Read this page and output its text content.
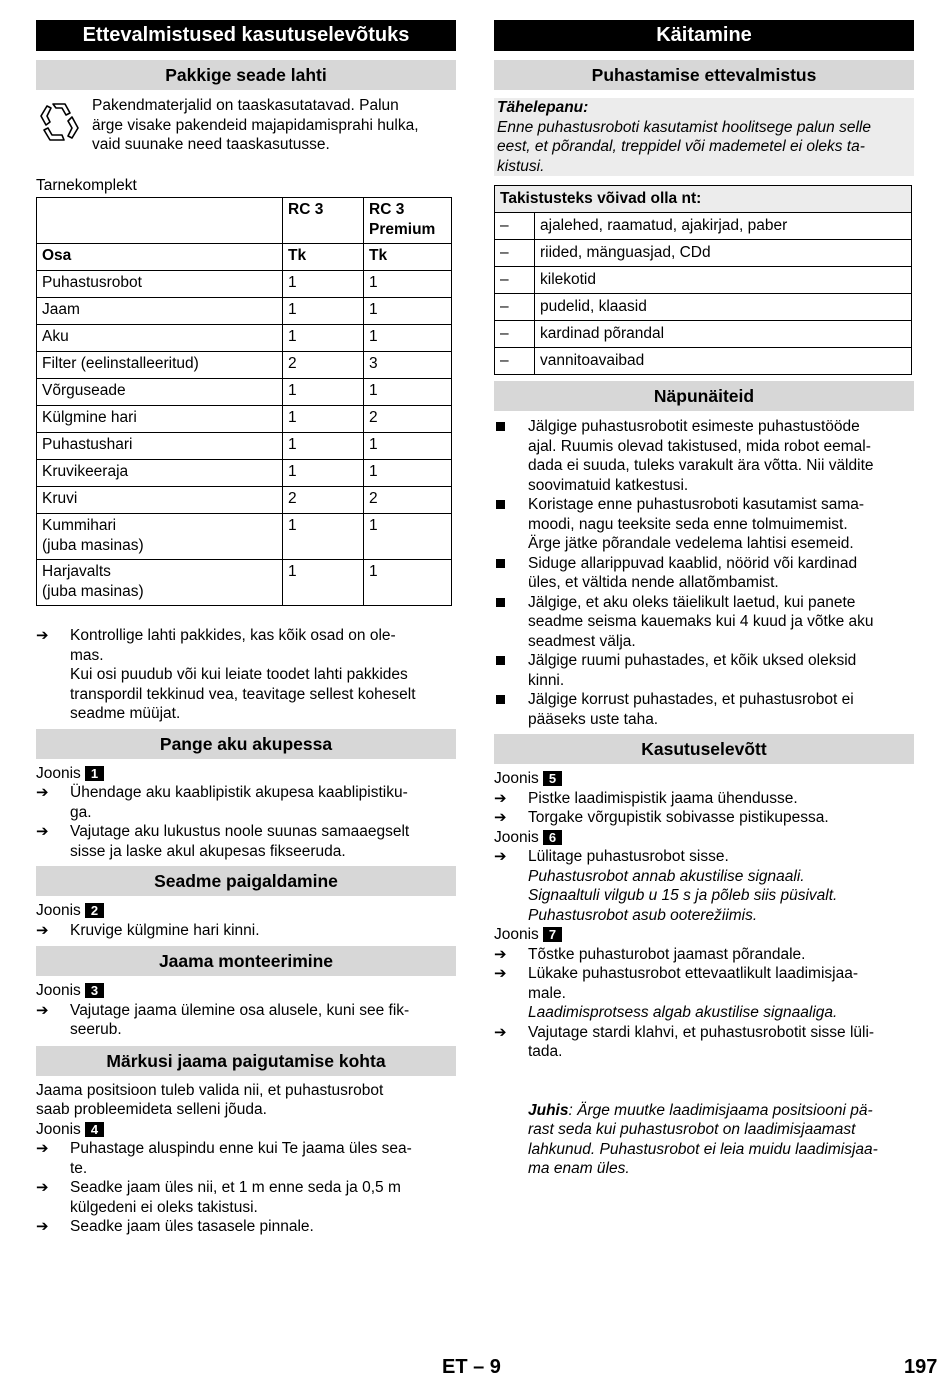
Ettevalmistused kasutuselevõtuks
Pakkige seade lahti

Pakendmaterjalid on taaskasutatavad. Palun

ärge visake pakendeid majapidamisprahi hulka,

vaid suunake need taaskasutusse.

Tarnekomplekt

	RC 3	RC 3
Premium

Osa	Tk	Tk
Puhastusrobot	1	1
Jaam	1	1
Aku	1	1
Filter (eelinstalleeritud)	2	3
Võrguseade	1	1
Külgmine hari	1	2
Puhastushari	1	1
Kruvikeeraja	1	1
Kruvi	2	2

Kummihari
(juba masinas)	1	1

Harjavalts
(juba masinas)	1	1
➔	Kontrollige lahti pakkides, kas kõik osad on ole-

mas.

Kui osi puudub või kui leiate toodet lahti pakkides

transpordil tekkinud vea, teavitage sellest koheselt

seadme müüjat.

Pange aku akupessa

Joonis 1

➔	Ühendage aku kaablipistik akupesa kaablipistiku-

ga.

➔	Vajutage aku lukustus noole suunas samaaegselt

sisse ja laske akul akupesas fikseeruda.

Seadme paigaldamine

Joonis 2

➔	Kruvige külgmine hari kinni.

Jaama monteerimine

Joonis 3

➔	Vajutage jaama ülemine osa alusele, kuni see fik-

seerub.

Märkusi jaama paigutamise kohta

Jaama positsioon tuleb valida nii, et puhastusrobot

saab probleemideta selleni jõuda.

Joonis 4

➔	Puhastage aluspindu enne kui Te jaama üles sea-

te.

➔	Seadke jaam üles nii, et 1 m enne seda ja 0,5 m

külgedeni ei oleks takistusi.

➔	Seadke jaam üles tasasele pinnale.

Käitamine
Puhastamise ettevalmistus

Tähelepanu:

Enne puhastusroboti kasutamist hoolitsege palun selle

eest, et põrandal, treppidel või mademetel ei oleks ta-

kistusi.

Takistusteks võivad olla nt:	
–	ajalehed, raamatud, ajakirjad, paber
–	riided, mänguasjad, CDd
–	kilekotid
–	pudelid, klaasid
–	kardinad põrandal
–	vannitoavaibad
Näpunäiteid

Jälgige puhastusrobotit esimeste puhastustööde

ajal. Ruumis olevad takistused, mida robot eemal-

dada ei suuda, tuleks varakult ära võtta. Nii väldite

soovimatuid katkestusi.

Koristage enne puhastusroboti kasutamist sama-

moodi, nagu teeksite seda enne tolmuimemist.

Ärge jätke põrandale vedelema lahtisi esemeid.

Siduge allarippuvad kaablid, nöörid või kardinad

üles, et vältida nende allatõmbamist.

Jälgige, et aku oleks täielikult laetud, kui panete

seadme seisma kauemaks kui 4 kuud ja võtke aku

seadmest välja.

Jälgige ruumi puhastades, et kõik uksed oleksid

kinni.

Jälgige korrust puhastades, et puhastusrobot ei

pääseks uste taha.

Kasutuselevõtt

Joonis 5

➔	Pistke laadimispistik jaama ühendusse.

➔	Torgake võrgupistik sobivasse pistikupessa.

Joonis 6

➔	Lülitage puhastusrobot sisse.

Puhastusrobot annab akustilise signaali.

Signaaltuli vilgub u 15 s ja põleb siis püsivalt.

Puhastusrobot asub ooterežiimis.

Joonis 7

➔	Tõstke puhasturobot jaamast põrandale.

➔	Lükake puhastusrobot ettevaatlikult laadimisjaa-

male.

Laadimisprotsess algab akustilise signaaliga.

➔	Vajutage stardi klahvi, et puhastusrobotit sisse lüli-

tada.

Juhis: Ärge muutke laadimisjaama positsiooni pä-

rast seda kui puhastusrobot on laadimisjaamast

lahkunud. Puhastusrobot ei leia muidu laadimisjaa-

ma enam üles.

ET – 9	197
